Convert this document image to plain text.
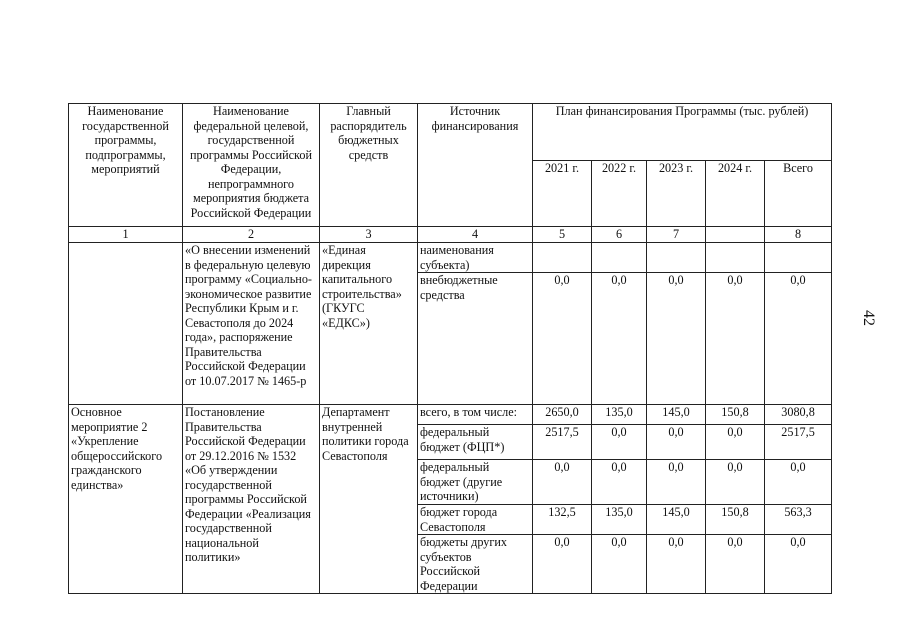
Наименование государственной программы, подпрограммы, мероприятий	Наименование федеральной целевой, государственной программы Российской Федерации, непрограммного мероприятия бюджета Российской Федерации	Главный распорядитель бюджетных средств	Источник финансирования	План финансирования Программы (тыс. рублей)				
				2021 г.	2022 г.	2023 г.	2024 г.	Всего
1	2	3	4	5	6	7		8
	«О внесении изменений в федеральную целевую программу «Социально-экономическое развитие Республики Крым и г. Севастополя до 2024 года», распоряжение Правительства Российской Федерации от 10.07.2017 № 1465-р	«Единая дирекция капитального строительства» (ГКУГС «ЕДКС»)	наименования субъекта)					
			внебюджетные средства	0,0	0,0	0,0	0,0	0,0
Основное мероприятие 2 «Укрепление общероссийского гражданского единства»	Постановление Правительства Российской Федерации от 29.12.2016 № 1532 «Об утверждении государственной программы Российской Федерации «Реализация государственной национальной политики»	Департамент внутренней политики города Севастополя	всего, в том числе:	2650,0	135,0	145,0	150,8	3080,8
			федеральный бюджет (ФЦП*)	2517,5	0,0	0,0	0,0	2517,5
			федеральный бюджет (другие источники)	0,0	0,0	0,0	0,0	0,0
			бюджет города Севастополя	132,5	135,0	145,0	150,8	563,3
			бюджеты других субъектов Российской Федерации	0,0	0,0	0,0	0,0	0,0
42
